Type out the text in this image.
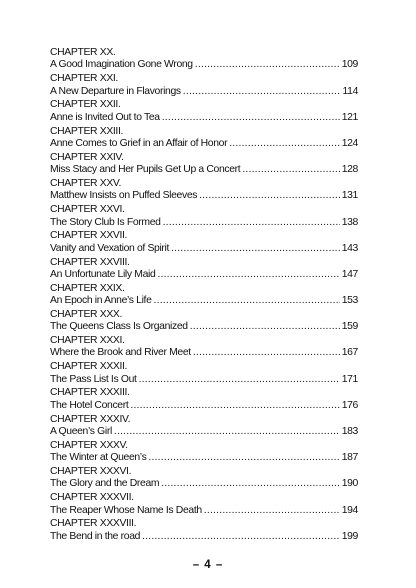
CHAPTER XX.
A Good Imagination Gone Wrong .....	109
CHAPTER XXI.
A New Departure in Flavorings .....	114
CHAPTER XXII.
Anne is Invited Out to Tea .....	121
CHAPTER XXIII.
Anne Comes to Grief in an Affair of Honor .....	124
CHAPTER XXIV.
Miss Stacy and Her Pupils Get Up a Concert .....	128
CHAPTER XXV.
Matthew Insists on Puffed Sleeves .....	131
CHAPTER XXVI.
The Story Club Is Formed .....	138
CHAPTER XXVII.
Vanity and Vexation of Spirit .....	143
CHAPTER XXVIII.
An Unfortunate Lily Maid .....	147
CHAPTER XXIX.
An Epoch in Anne’s Life .....	153
CHAPTER XXX.
The Queens Class Is Organized .....	159
CHAPTER XXXI.
Where the Brook and River Meet .....	167
CHAPTER XXXII.
The Pass List Is Out .....	171
CHAPTER XXXIII.
The Hotel Concert .....	176
CHAPTER XXXIV.
A Queen’s Girl .....	183
CHAPTER XXXV.
The Winter at Queen’s .....	187
CHAPTER XXXVI.
The Glory and the Dream .....	190
CHAPTER XXXVII.
The Reaper Whose Name Is Death .....	194
CHAPTER XXXVIII.
The Bend in the road .....	199
– 4 –
